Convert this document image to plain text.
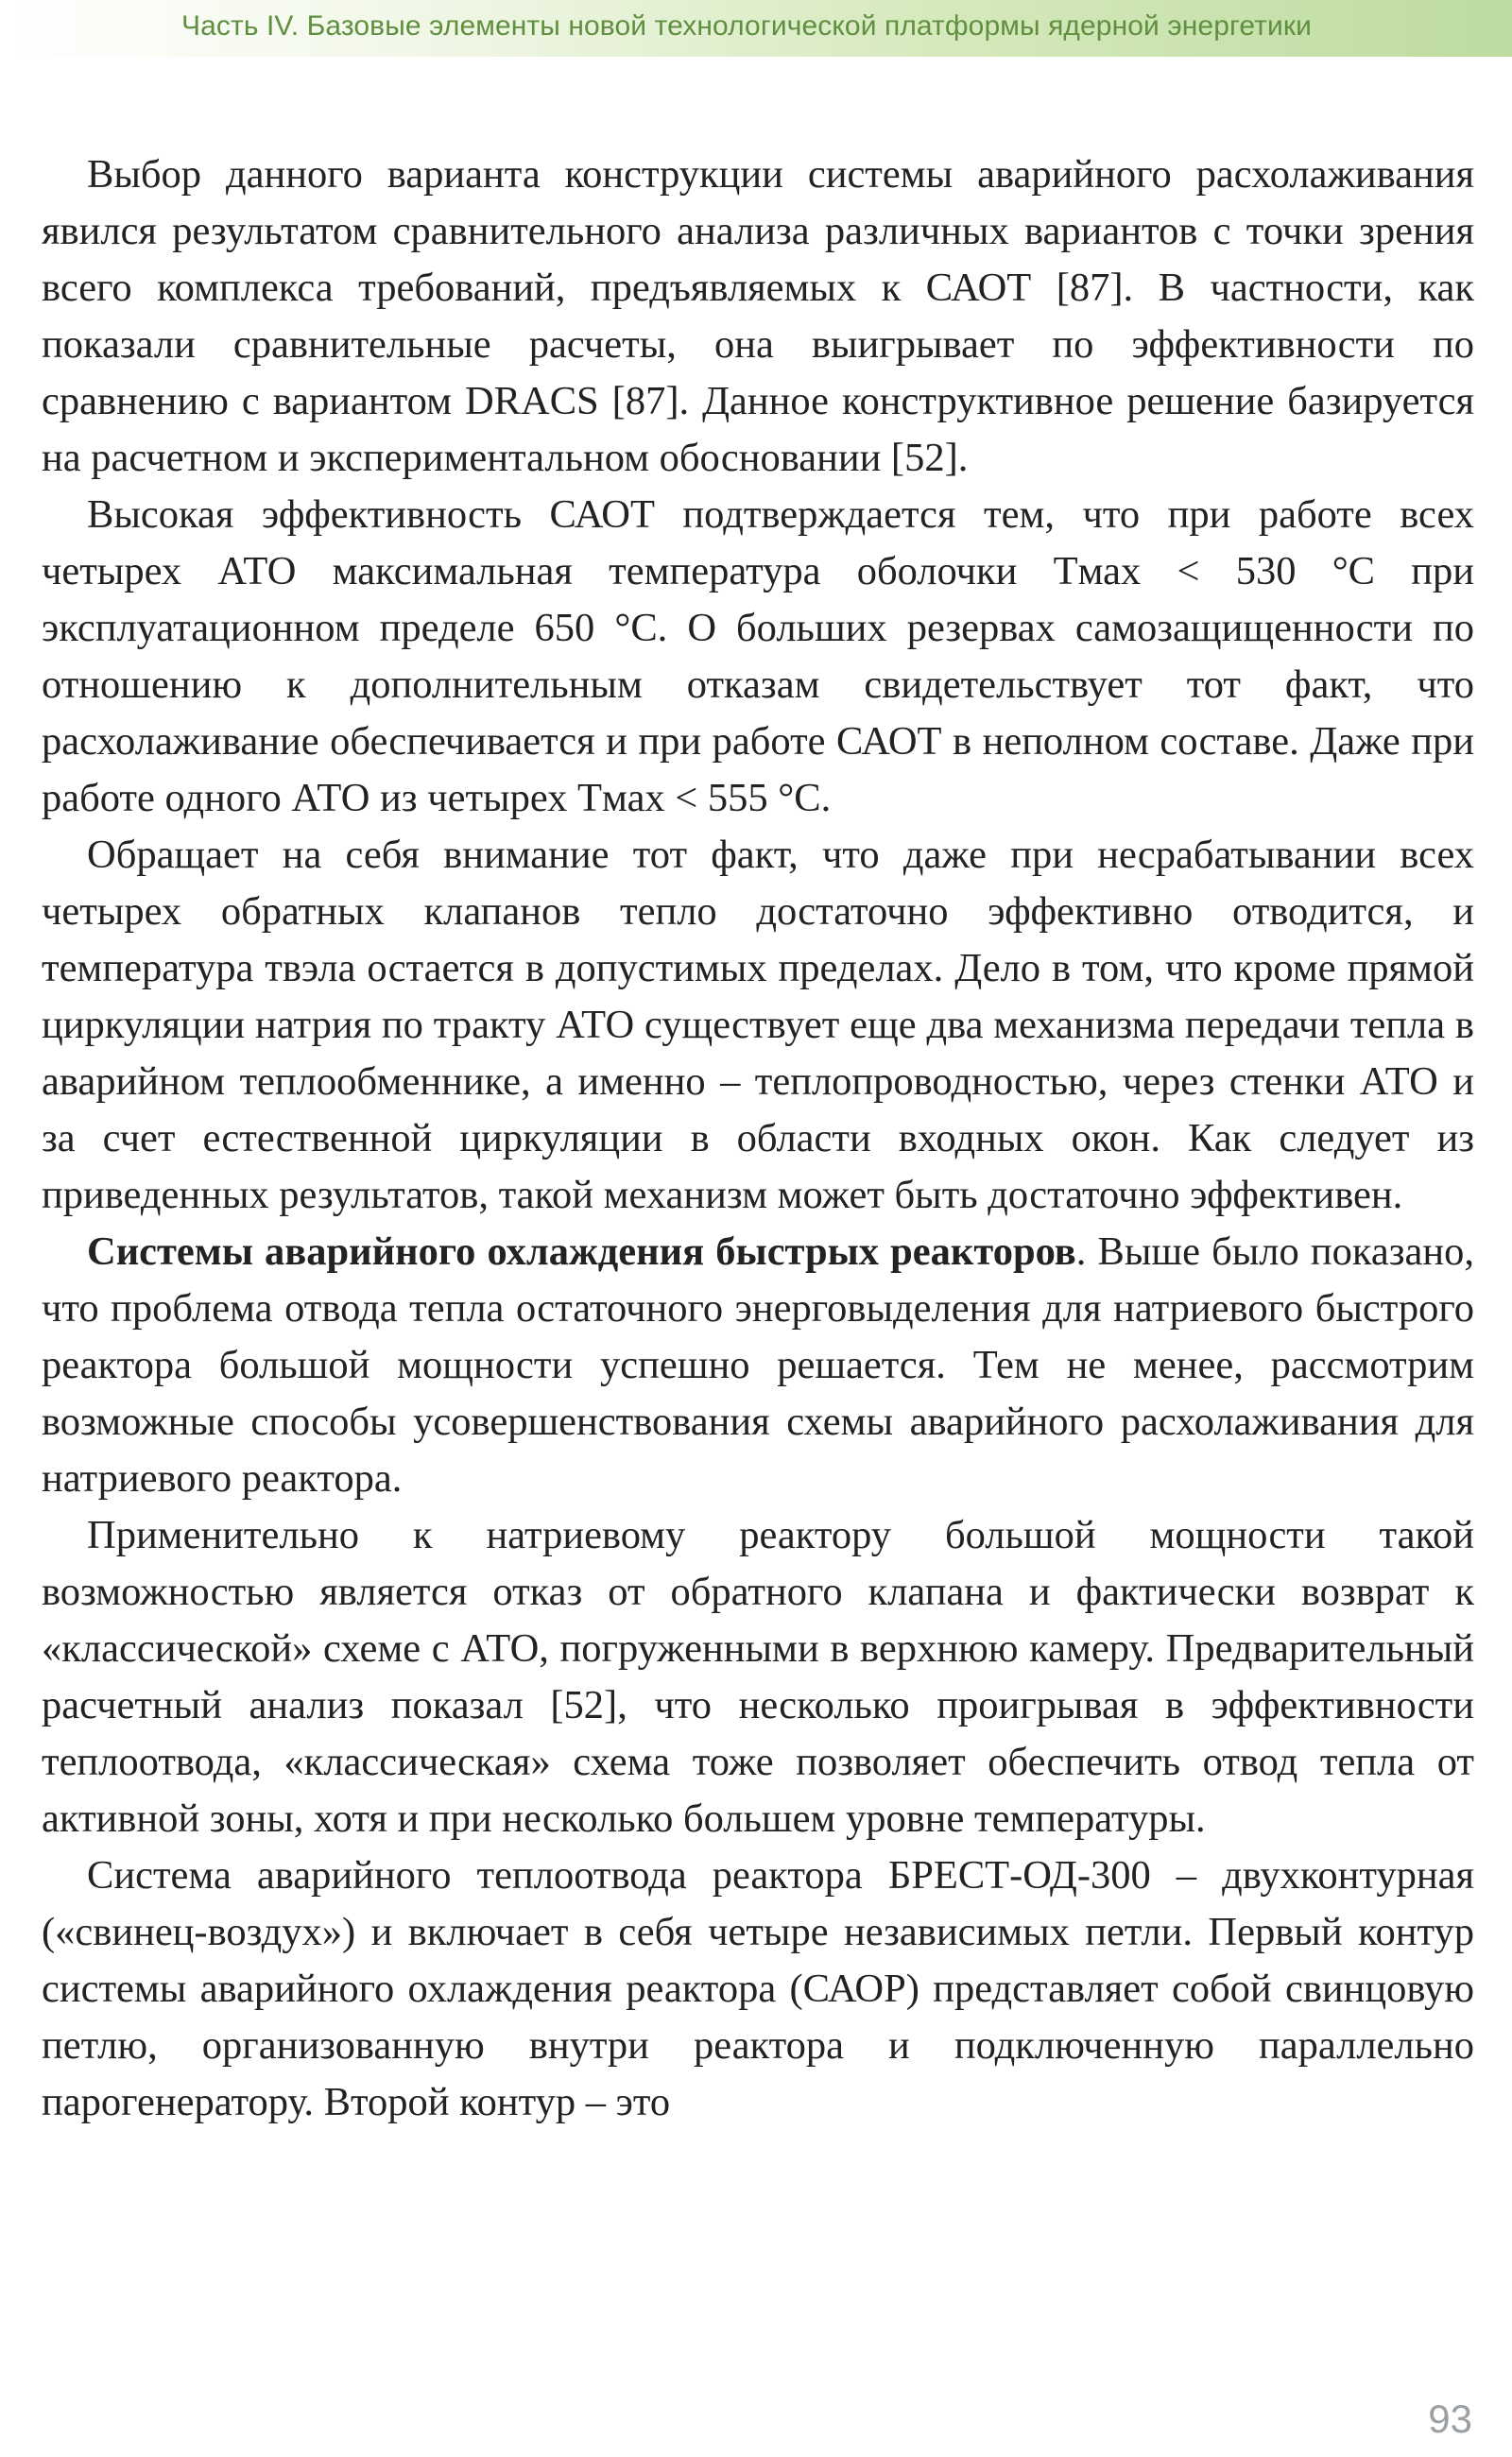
Часть IV. Базовые элементы новой технологической платформы ядерной энергетики

Выбор данного варианта конструкции системы аварийного расхолаживания явился результатом сравнительного анализа различных вариантов с точки зрения всего комплекса требований, предъявляемых к САОТ [87]. В частности, как показали сравнительные расчеты, она выигрывает по эффективности по сравнению с вариантом DRACS [87]. Данное конструктивное решение базируется на расчетном и экспериментальном обосновании [52].

Высокая эффективность САОТ подтверждается тем, что при работе всех четырех АТО максимальная температура оболочки Tмах < 530 °C при эксплуатационном пределе 650 °C. О больших резервах самозащищенности по отношению к дополнительным отказам свидетельствует тот факт, что расхолаживание обеспечивается и при работе САОТ в неполном составе. Даже при работе одного АТО из четырех Tмах < 555 °C.

Обращает на себя внимание тот факт, что даже при несрабатывании всех четырех обратных клапанов тепло достаточно эффективно отводится, и температура твэла остается в допустимых пределах. Дело в том, что кроме прямой циркуляции натрия по тракту АТО существует еще два механизма передачи тепла в аварийном теплообменнике, а именно – теплопроводностью, через стенки АТО и за счет естественной циркуляции в области входных окон. Как следует из приведенных результатов, такой механизм может быть достаточно эффективен.

Системы аварийного охлаждения быстрых реакторов. Выше было показано, что проблема отвода тепла остаточного энерговыделения для натриевого быстрого реактора большой мощности успешно решается. Тем не менее, рассмотрим возможные способы усовершенствования схемы аварийного расхолаживания для натриевого реактора.

Применительно к натриевому реактору большой мощности такой возможностью является отказ от обратного клапана и фактически возврат к «классической» схеме с АТО, погруженными в верхнюю камеру. Предварительный расчетный анализ показал [52], что несколько проигрывая в эффективности теплоотвода, «классическая» схема тоже позволяет обеспечить отвод тепла от активной зоны, хотя и при несколько большем уровне температуры.

Система аварийного теплоотвода реактора БРЕСТ-ОД-300 – двухконтурная («свинец-воздух») и включает в себя четыре независимых петли. Первый контур системы аварийного охлаждения реактора (САОР) представляет собой свинцовую петлю, организованную внутри реактора и подключенную параллельно парогенератору. Второй контур – это

93
